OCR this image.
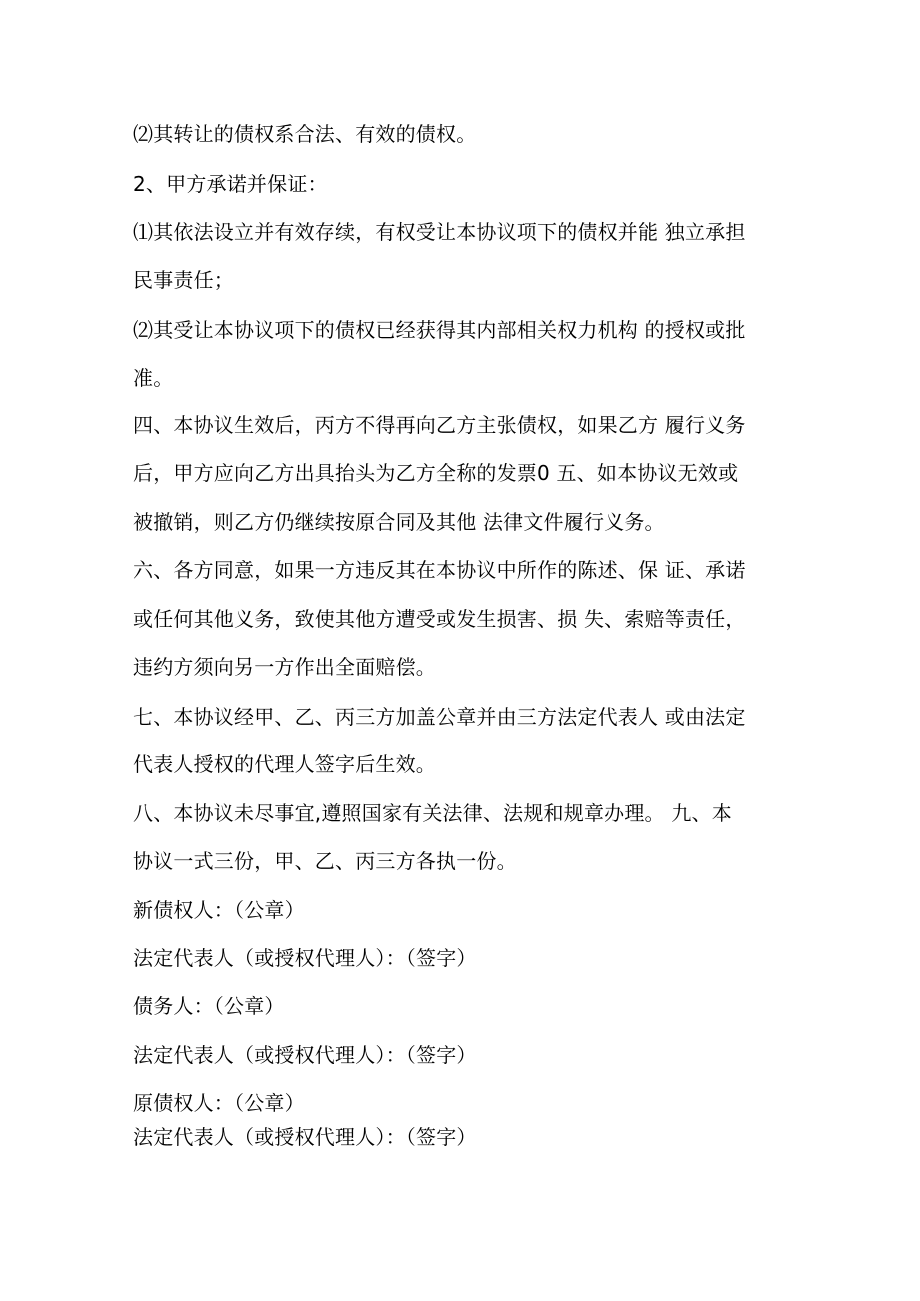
⑵其转让的债权系合法、有效的债权。
2、甲方承诺并保证：
⑴其依法设立并有效存续，有权受让本协议项下的债权并能 独立承担
民事责任；
⑵其受让本协议项下的债权已经获得其内部相关权力机构 的授权或批
准。
四、本协议生效后，丙方不得再向乙方主张债权，如果乙方 履行义务
后，甲方应向乙方出具抬头为乙方全称的发票0 五、如本协议无效或
被撤销，则乙方仍继续按原合同及其他 法律文件履行义务。
六、各方同意，如果一方违反其在本协议中所作的陈述、保 证、承诺
或任何其他义务，致使其他方遭受或发生损害、损 失、索赔等责任，
违约方须向另一方作出全面赔偿。
七、本协议经甲、乙、丙三方加盖公章并由三方法定代表人 或由法定
代表人授权的代理人签字后生效。
八、本协议未尽事宜,遵照国家有关法律、法规和规章办理。 九、本
协议一式三份，甲、乙、丙三方各执一份。
新债权人：（公章）
法定代表人（或授权代理人）：（签字）
债务人：（公章）
法定代表人（或授权代理人）：（签字）
原债权人：（公章）
法定代表人（或授权代理人）：（签字）
